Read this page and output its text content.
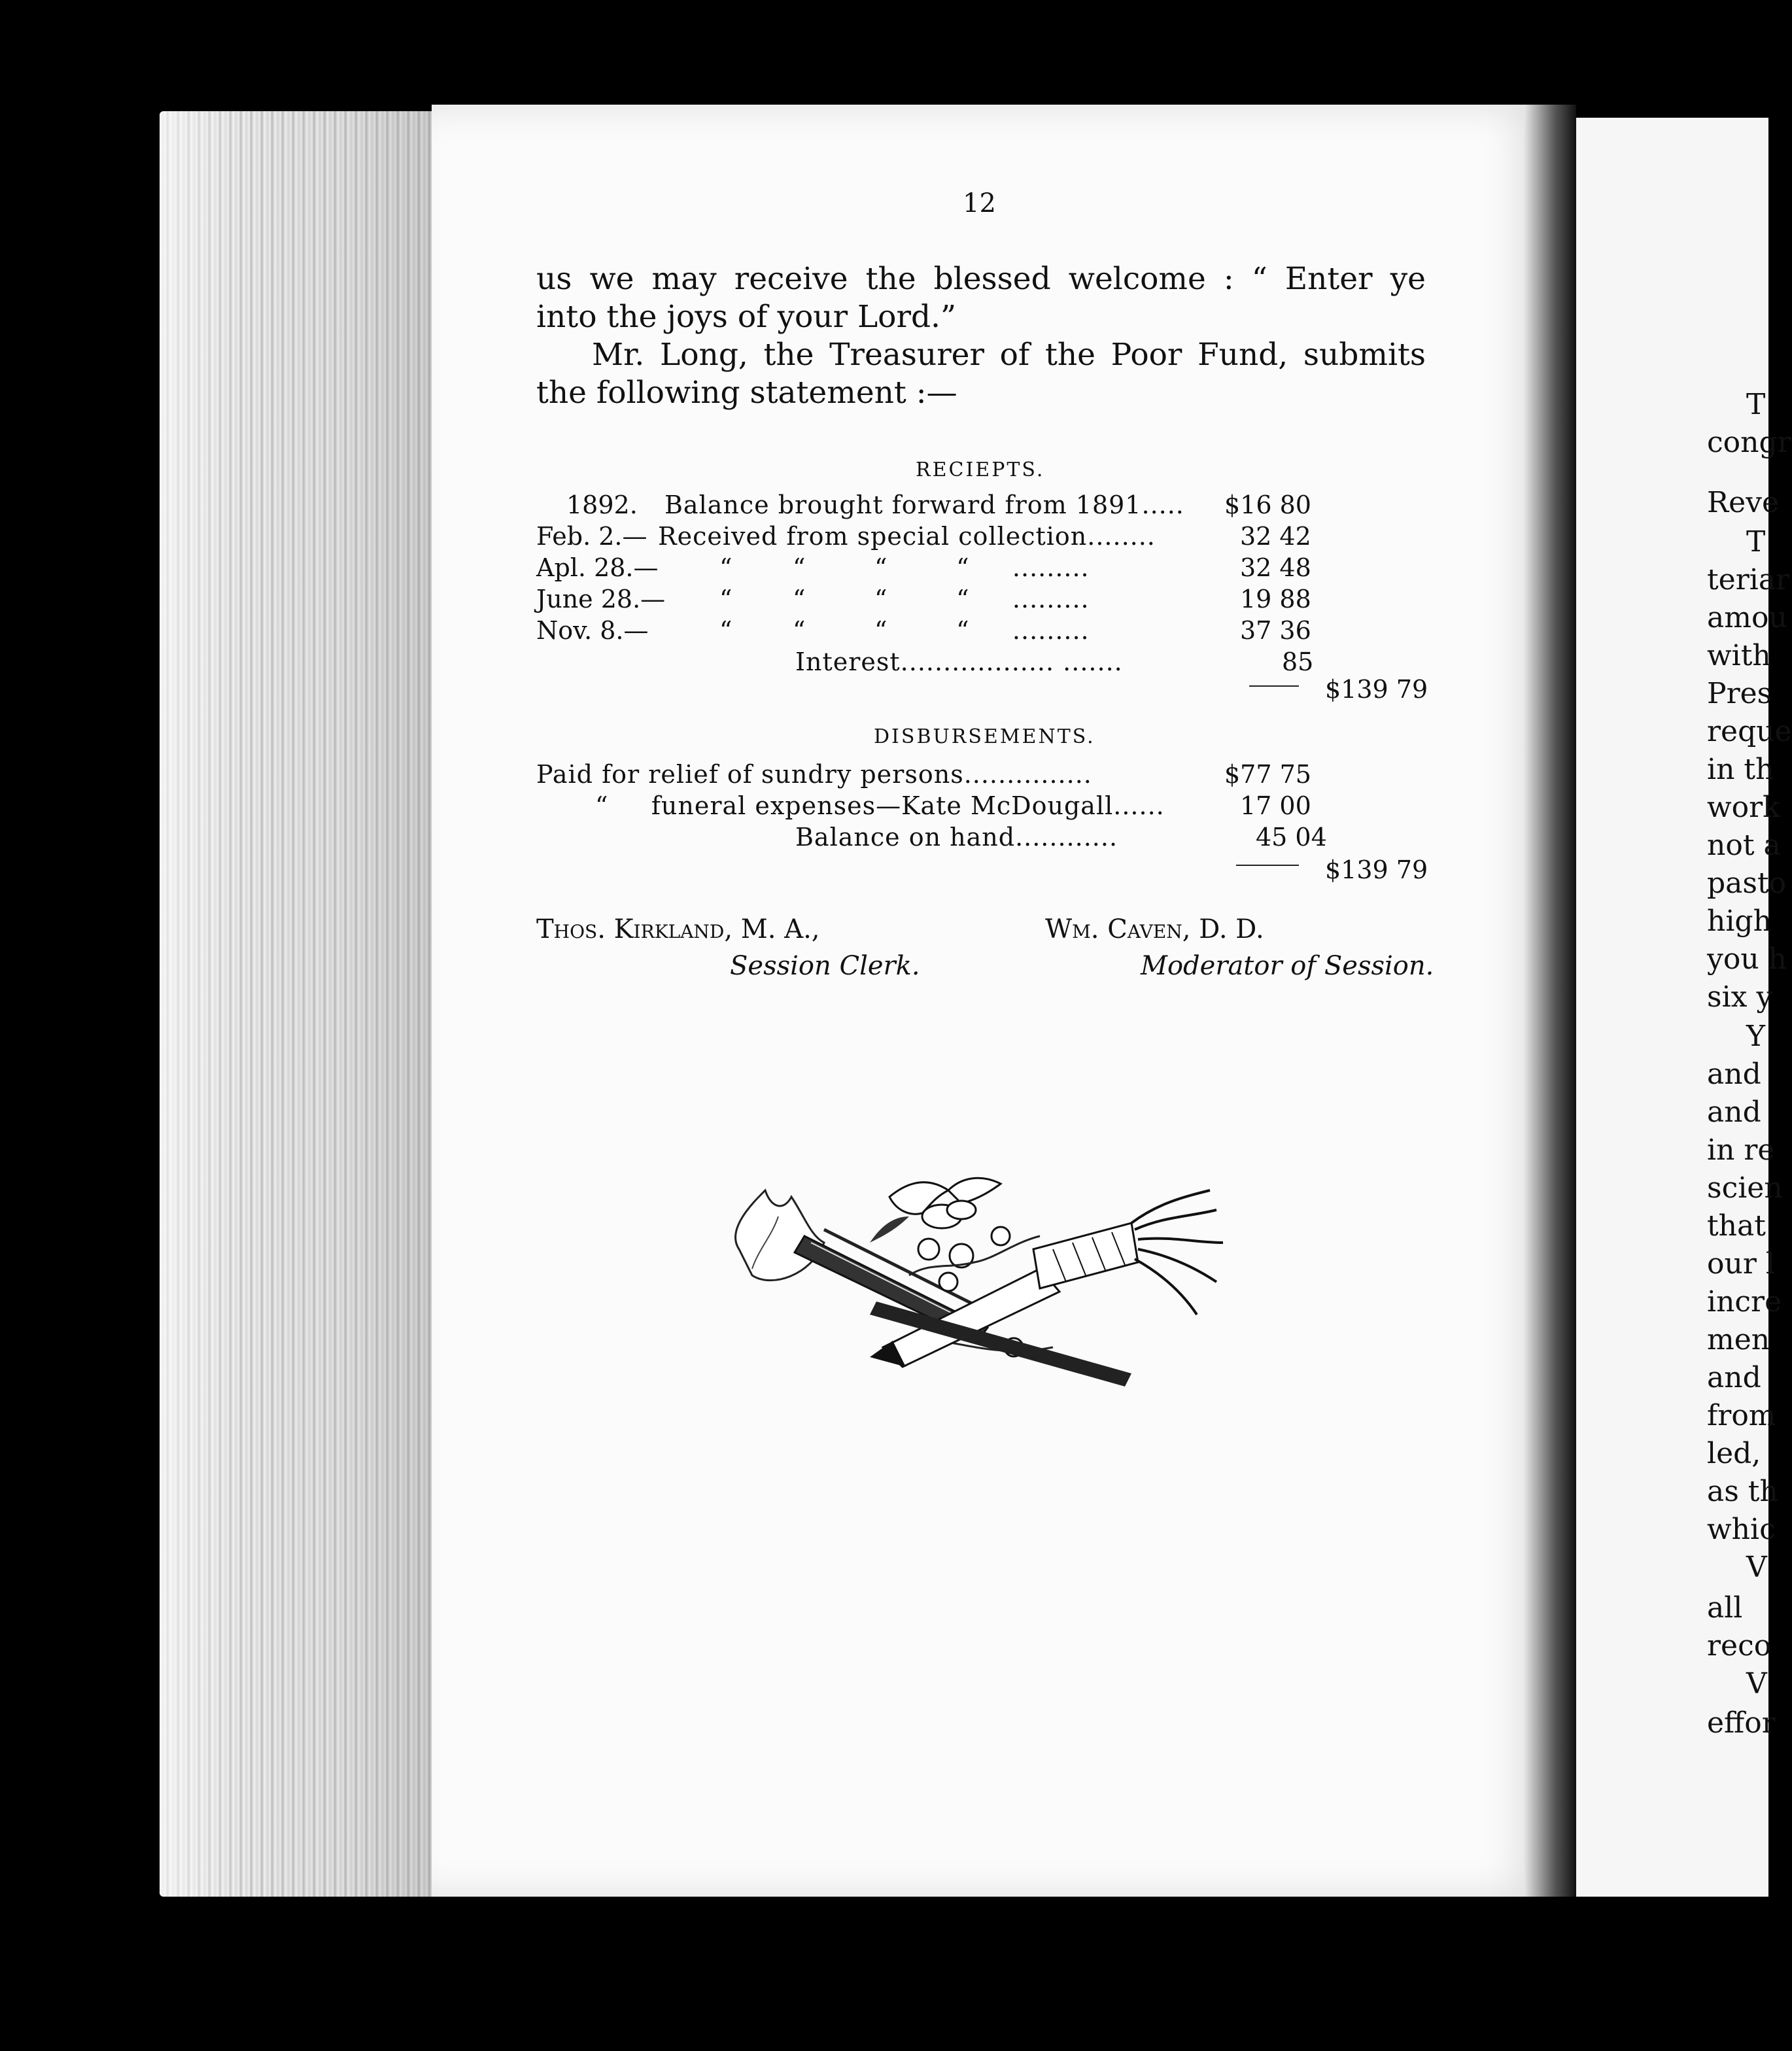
T
congr
Reve
T
teriar
amou
with
Pres
reque
in th
work
not a
pasto
high
you h
six y
Y
and
and
in re
scien
that
our l
incre
men
and
from
led,
as th
whic
V
all
reco
V
effor
12
us we may receive the blessed welcome : “ Enter ye
into the joys of your Lord.”
Mr. Long, the Treasurer of the Poor Fund, submits
the following statement :—
RECIEPTS.
1892. Balance brought forward from 1891..... $16 80
Feb. 2.— Received from special collection........	32 42
Apl. 28.— “       “        “        “     .........	32 48
June 28.— “       “        “        “     .........	19 88
Nov. 8.—	“       “        “        “     .........	37 36
Interest.................. .......	85
$139 79
DISBURSEMENTS.
Paid for relief of sundry persons...............	$77 75
“     funeral expenses—Kate McDougall......	17 00
Balance on hand............	45 04
$139 79
Thos. Kirkland, M. A.,	Wm. Caven, D. D.
Session Clerk.	Moderator of Session.
